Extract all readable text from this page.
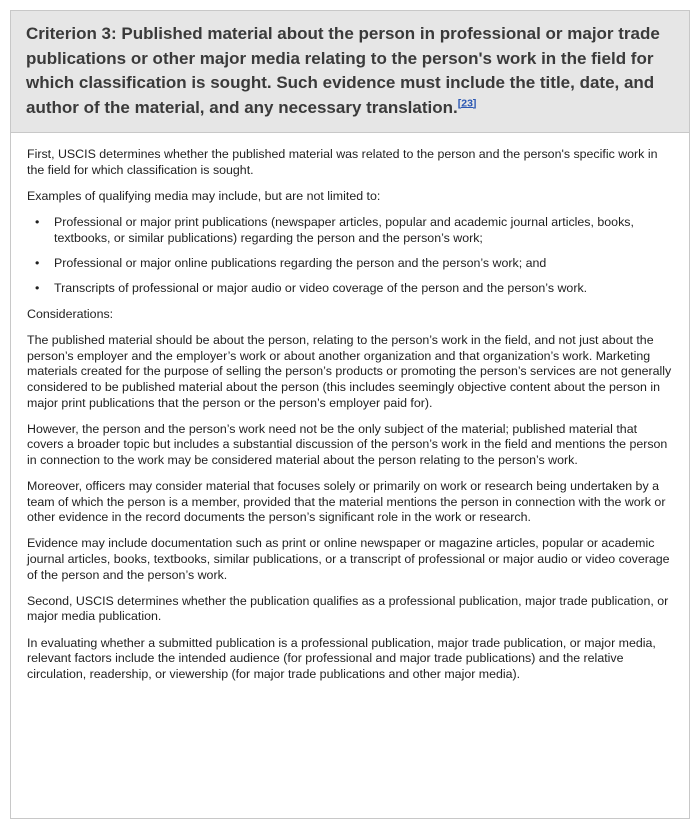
Criterion 3: Published material about the person in professional or major trade publications or other major media relating to the person's work in the field for which classification is sought. Such evidence must include the title, date, and author of the material, and any necessary translation.[23]

First, USCIS determines whether the published material was related to the person and the person's specific work in the field for which classification is sought.

Examples of qualifying media may include, but are not limited to:

• Professional or major print publications (newspaper articles, popular and academic journal articles, books, textbooks, or similar publications) regarding the person and the person’s work;
• Professional or major online publications regarding the person and the person’s work; and
• Transcripts of professional or major audio or video coverage of the person and the person’s work.

Considerations:

The published material should be about the person, relating to the person’s work in the field, and not just about the person’s employer and the employer’s work or about another organization and that organization’s work. Marketing materials created for the purpose of selling the person’s products or promoting the person’s services are not generally considered to be published material about the person (this includes seemingly objective content about the person in major print publications that the person or the person’s employer paid for).

However, the person and the person’s work need not be the only subject of the material; published material that covers a broader topic but includes a substantial discussion of the person’s work in the field and mentions the person in connection to the work may be considered material about the person relating to the person’s work.

Moreover, officers may consider material that focuses solely or primarily on work or research being undertaken by a team of which the person is a member, provided that the material mentions the person in connection with the work or other evidence in the record documents the person’s significant role in the work or research.

Evidence may include documentation such as print or online newspaper or magazine articles, popular or academic journal articles, books, textbooks, similar publications, or a transcript of professional or major audio or video coverage of the person and the person’s work.

Second, USCIS determines whether the publication qualifies as a professional publication, major trade publication, or major media publication.

In evaluating whether a submitted publication is a professional publication, major trade publication, or major media, relevant factors include the intended audience (for professional and major trade publications) and the relative circulation, readership, or viewership (for major trade publications and other major media).
